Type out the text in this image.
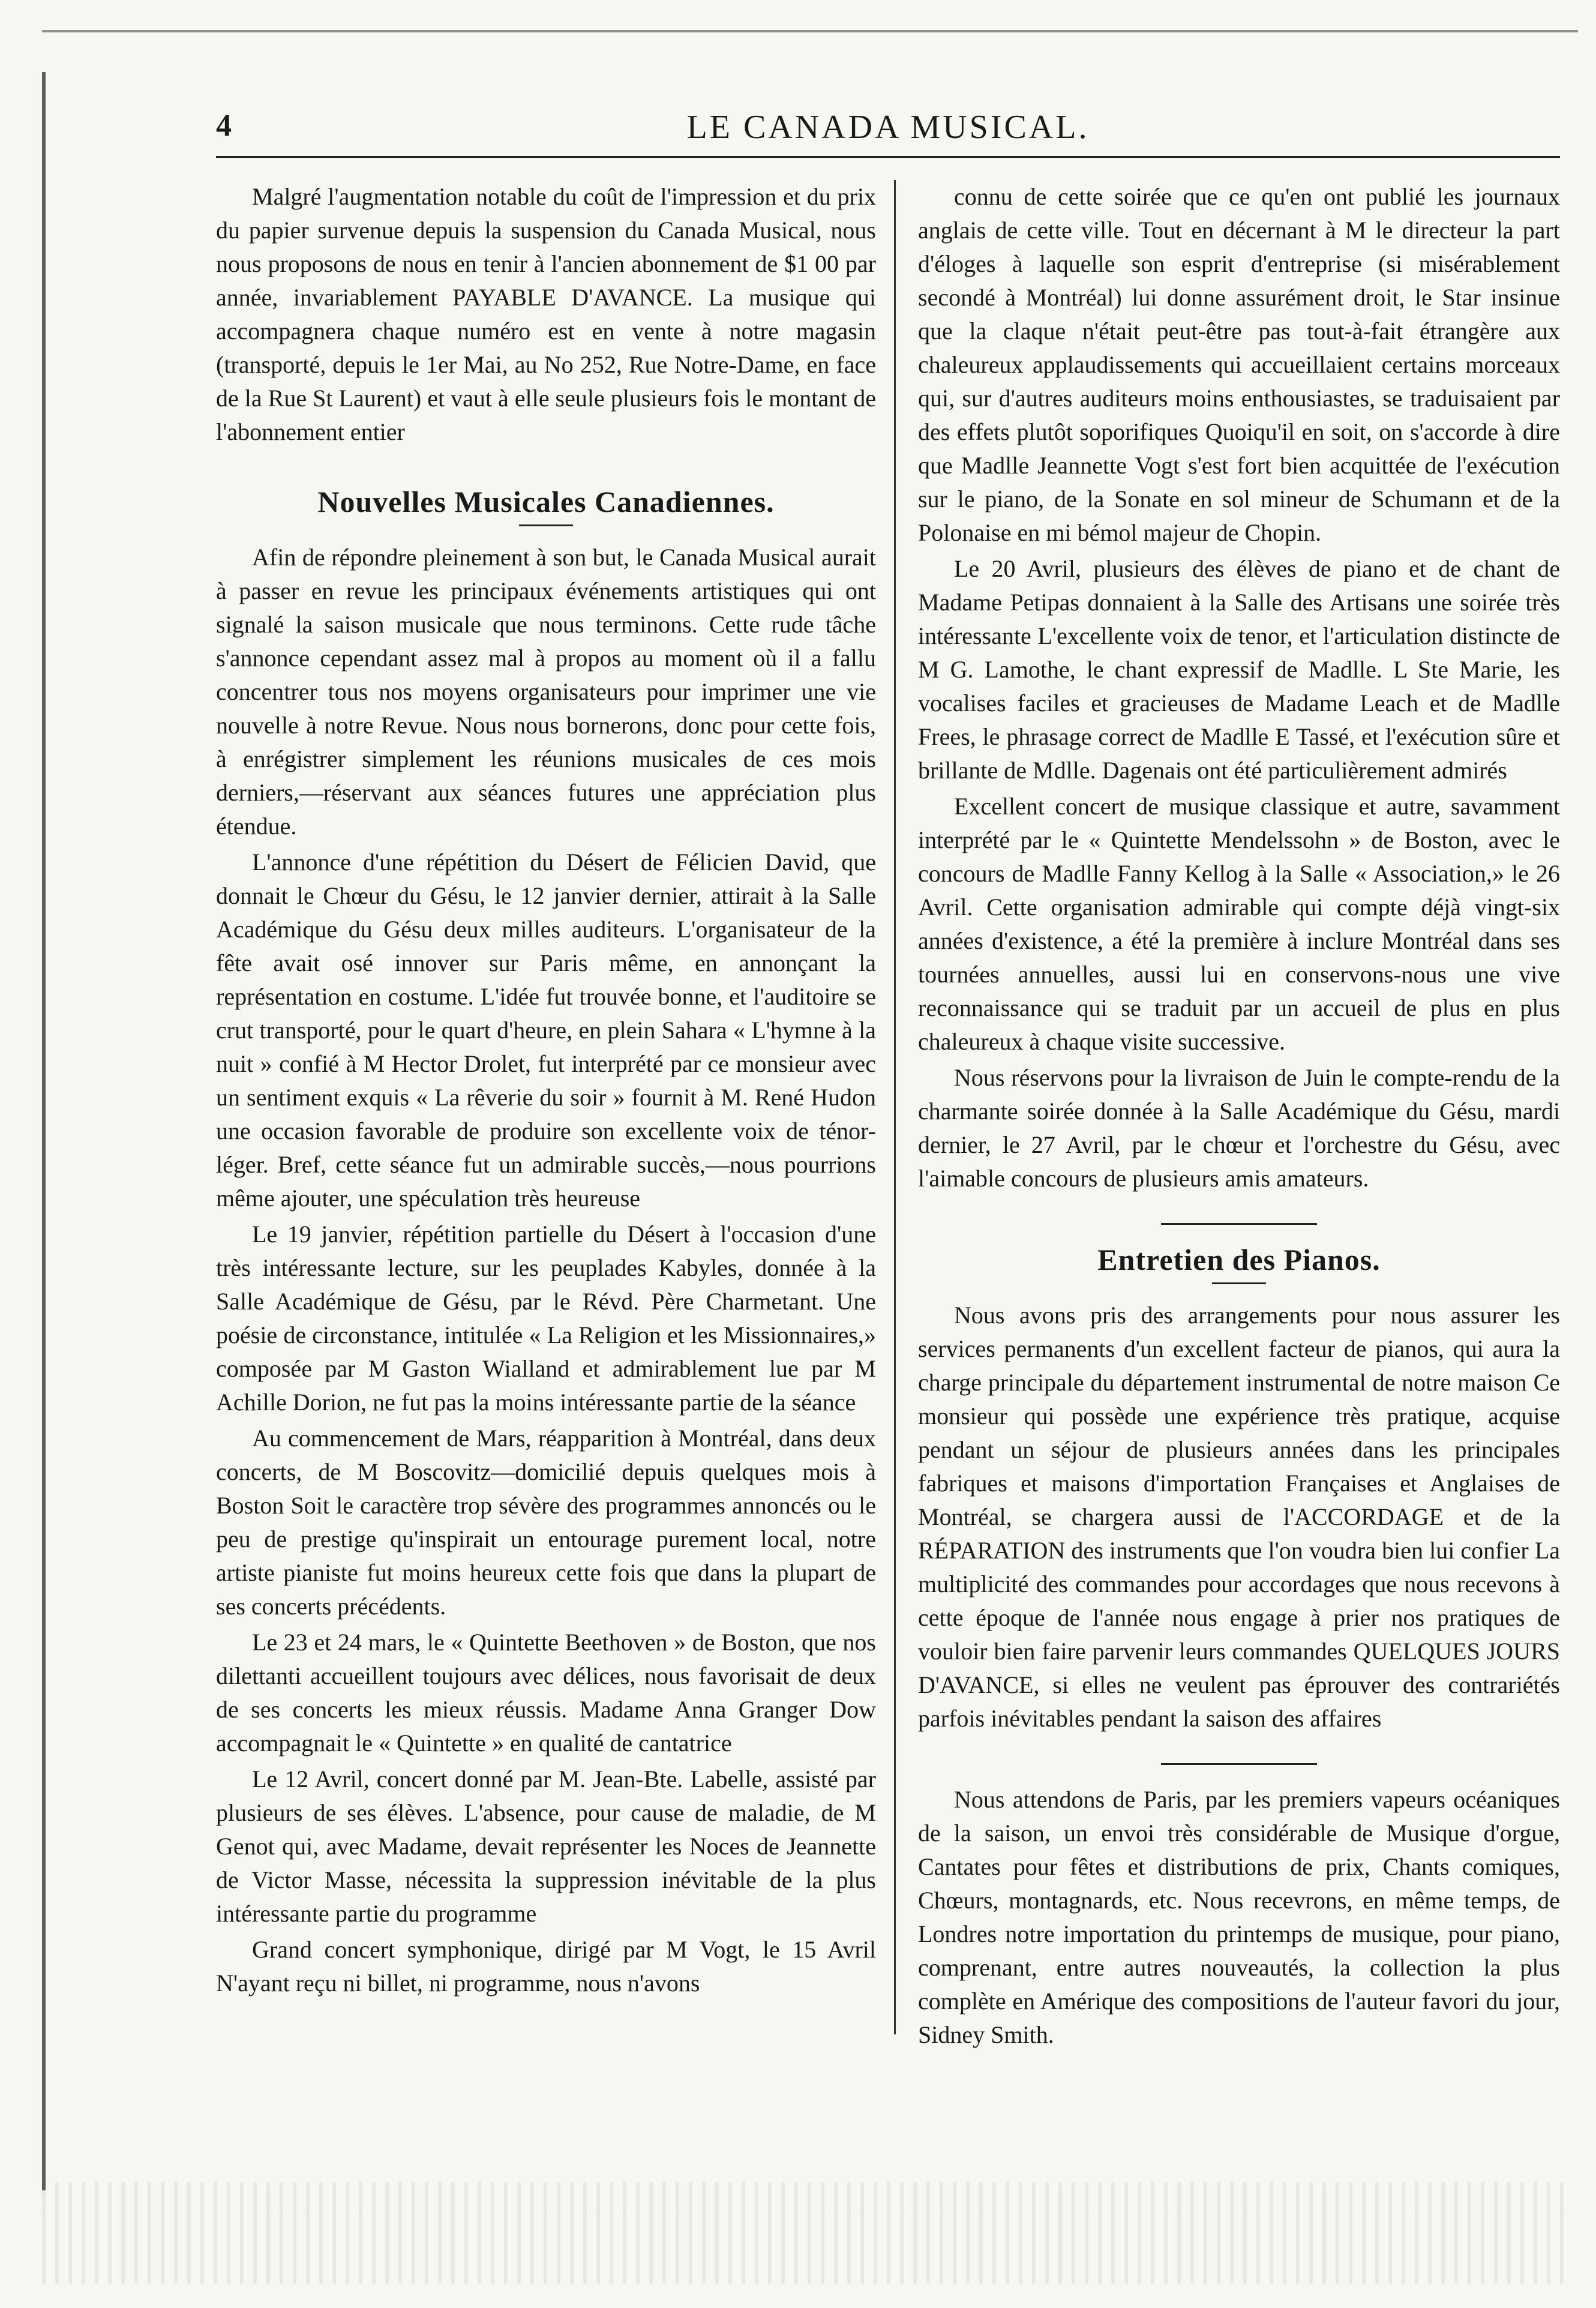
4	LE CANADA MUSICAL.

Malgré l'augmentation notable du coût de l'impression et du prix du papier survenue depuis la suspension du Canada Musical, nous nous proposons de nous en tenir à l'ancien abonnement de $1 00 par année, invariablement PAYABLE D'AVANCE. La musique qui accompagnera chaque numéro est en vente à notre magasin (transporté, depuis le 1er Mai, au No 252, Rue Notre-Dame, en face de la Rue St Laurent) et vaut à elle seule plusieurs fois le montant de l'abonnement entier

Nouvelles Musicales Canadiennes.

Afin de répondre pleinement à son but, le Canada Musical aurait à passer en revue les principaux événements artistiques qui ont signalé la saison musicale que nous terminons. Cette rude tâche s'annonce cependant assez mal à propos au moment où il a fallu concentrer tous nos moyens organisateurs pour imprimer une vie nouvelle à notre Revue. Nous nous bornerons, donc pour cette fois, à enrégistrer simplement les réunions musicales de ces mois derniers,—réservant aux séances futures une appréciation plus étendue.

L'annonce d'une répétition du Désert de Félicien David, que donnait le Chœur du Gésu, le 12 janvier dernier, attirait à la Salle Académique du Gésu deux milles auditeurs. L'organisateur de la fête avait osé innover sur Paris même, en annonçant la représentation en costume. L'idée fut trouvée bonne, et l'auditoire se crut transporté, pour le quart d'heure, en plein Sahara « L'hymne à la nuit » confié à M Hector Drolet, fut interprété par ce monsieur avec un sentiment exquis « La rêverie du soir » fournit à M. René Hudon une occasion favorable de produire son excellente voix de ténor-léger. Bref, cette séance fut un admirable succès,—nous pourrions même ajouter, une spéculation très heureuse

Le 19 janvier, répétition partielle du Désert à l'occasion d'une très intéressante lecture, sur les peuplades Kabyles, donnée à la Salle Académique de Gésu, par le Révd. Père Charmetant. Une poésie de circonstance, intitulée « La Religion et les Missionnaires,» composée par M Gaston Wialland et admirablement lue par M Achille Dorion, ne fut pas la moins intéressante partie de la séance

Au commencement de Mars, réapparition à Montréal, dans deux concerts, de M Boscovitz—domicilié depuis quelques mois à Boston Soit le caractère trop sévère des programmes annoncés ou le peu de prestige qu'inspirait un entourage purement local, notre artiste pianiste fut moins heureux cette fois que dans la plupart de ses concerts précédents.

Le 23 et 24 mars, le « Quintette Beethoven » de Boston, que nos dilettanti accueillent toujours avec délices, nous favorisait de deux de ses concerts les mieux réussis. Madame Anna Granger Dow accompagnait le « Quintette » en qualité de cantatrice

Le 12 Avril, concert donné par M. Jean-Bte. Labelle, assisté par plusieurs de ses élèves. L'absence, pour cause de maladie, de M Genot qui, avec Madame, devait représenter les Noces de Jeannette de Victor Masse, nécessita la suppression inévitable de la plus intéressante partie du programme

Grand concert symphonique, dirigé par M Vogt, le 15 Avril N'ayant reçu ni billet, ni programme, nous n'avons

connu de cette soirée que ce qu'en ont publié les journaux anglais de cette ville. Tout en décernant à M le directeur la part d'éloges à laquelle son esprit d'entreprise (si misérablement secondé à Montréal) lui donne assurément droit, le Star insinue que la claque n'était peut-être pas tout-à-fait étrangère aux chaleureux applaudissements qui accueillaient certains morceaux qui, sur d'autres auditeurs moins enthousiastes, se traduisaient par des effets plutôt soporifiques Quoiqu'il en soit, on s'accorde à dire que Madlle Jeannette Vogt s'est fort bien acquittée de l'exécution sur le piano, de la Sonate en sol mineur de Schumann et de la Polonaise en mi bémol majeur de Chopin.

Le 20 Avril, plusieurs des élèves de piano et de chant de Madame Petipas donnaient à la Salle des Artisans une soirée très intéressante L'excellente voix de tenor, et l'articulation distincte de M G. Lamothe, le chant expressif de Madlle. L Ste Marie, les vocalises faciles et gracieuses de Madame Leach et de Madlle Frees, le phrasage correct de Madlle E Tassé, et l'exécution sûre et brillante de Mdlle. Dagenais ont été particulièrement admirés

Excellent concert de musique classique et autre, savamment interprété par le « Quintette Mendelssohn » de Boston, avec le concours de Madlle Fanny Kellog à la Salle « Association,» le 26 Avril. Cette organisation admirable qui compte déjà vingt-six années d'existence, a été la première à inclure Montréal dans ses tournées annuelles, aussi lui en conservons-nous une vive reconnaissance qui se traduit par un accueil de plus en plus chaleureux à chaque visite successive.

Nous réservons pour la livraison de Juin le compte-rendu de la charmante soirée donnée à la Salle Académique du Gésu, mardi dernier, le 27 Avril, par le chœur et l'orchestre du Gésu, avec l'aimable concours de plusieurs amis amateurs.

Entretien des Pianos.

Nous avons pris des arrangements pour nous assurer les services permanents d'un excellent facteur de pianos, qui aura la charge principale du département instrumental de notre maison Ce monsieur qui possède une expérience très pratique, acquise pendant un séjour de plusieurs années dans les principales fabriques et maisons d'importation Françaises et Anglaises de Montréal, se chargera aussi de l'ACCORDAGE et de la RÉPARATION des instruments que l'on voudra bien lui confier La multiplicité des commandes pour accordages que nous recevons à cette époque de l'année nous engage à prier nos pratiques de vouloir bien faire parvenir leurs commandes QUELQUES JOURS D'AVANCE, si elles ne veulent pas éprouver des contrariétés parfois inévitables pendant la saison des affaires

Nous attendons de Paris, par les premiers vapeurs océaniques de la saison, un envoi très considérable de Musique d'orgue, Cantates pour fêtes et distributions de prix, Chants comiques, Chœurs, montagnards, etc. Nous recevrons, en même temps, de Londres notre importation du printemps de musique, pour piano, comprenant, entre autres nouveautés, la collection la plus complète en Amérique des compositions de l'auteur favori du jour, Sidney Smith.
